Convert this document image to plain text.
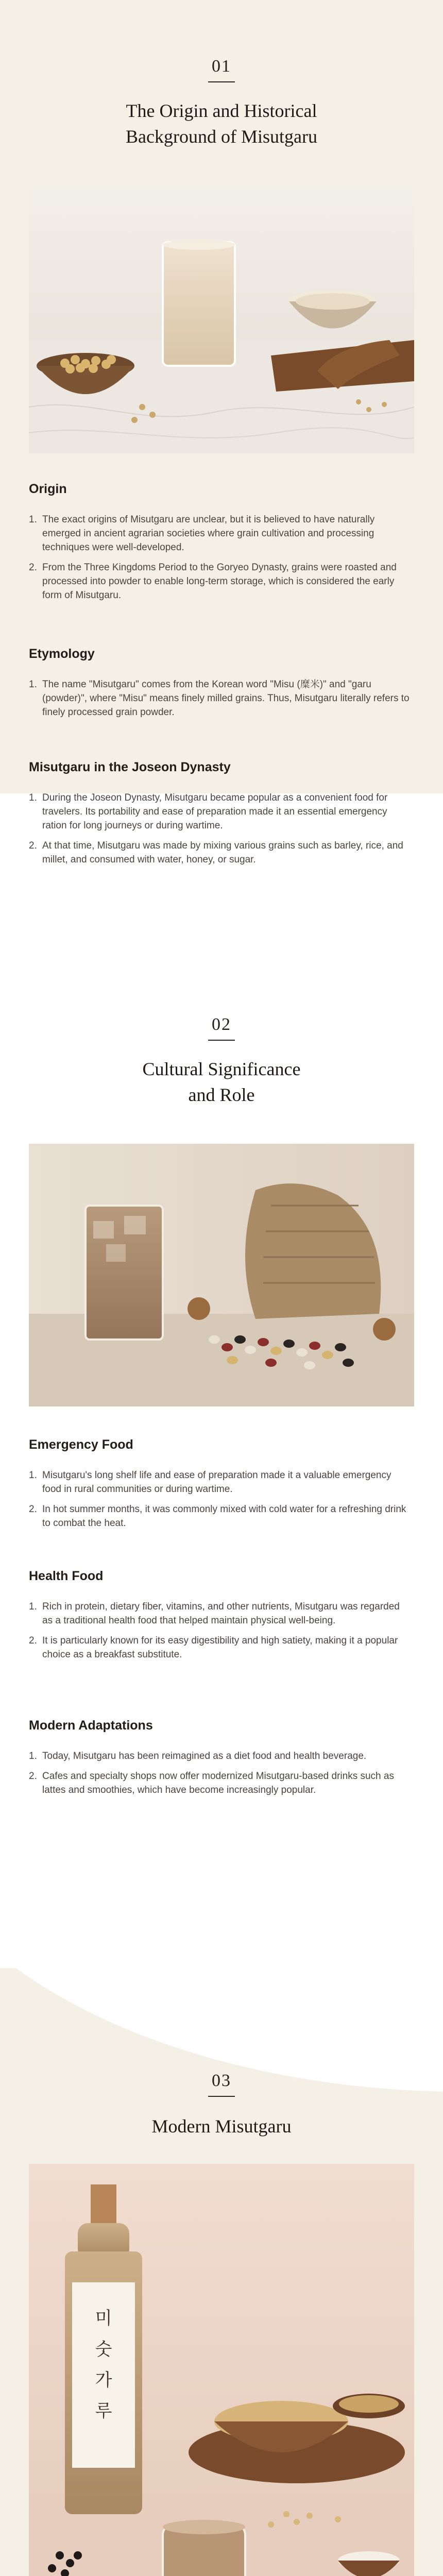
01
The Origin and Historical
Background of Misutgaru
Origin
1. The exact origins of Misutgaru are unclear, but it is believed to have naturally emerged in ancient agrarian societies where grain cultivation and processing techniques were well-developed.
2. From the Three Kingdoms Period to the Goryeo Dynasty, grains were roasted and processed into powder to enable long-term storage, which is considered the early form of Misutgaru.
Etymology
1. The name "Misutgaru" comes from the Korean word "Misu (糜米)" and "garu (powder)", where "Misu" means finely milled grains. Thus, Misutgaru literally refers to finely processed grain powder.
Misutgaru in the Joseon Dynasty
1. During the Joseon Dynasty, Misutgaru became popular as a convenient food for travelers. Its portability and ease of preparation made it an essential emergency ration for long journeys or during wartime.
2. At that time, Misutgaru was made by mixing various grains such as barley, rice, and millet, and consumed with water, honey, or sugar.
02
Cultural Significance
and Role
Emergency Food
1. Misutgaru's long shelf life and ease of preparation made it a valuable emergency food in rural communities or during wartime.
2. In hot summer months, it was commonly mixed with cold water for a refreshing drink to combat the heat.
Health Food
1. Rich in protein, dietary fiber, vitamins, and other nutrients, Misutgaru was regarded as a traditional health food that helped maintain physical well-being.
2. It is particularly known for its easy digestibility and high satiety, making it a popular choice as a breakfast substitute.
Modern Adaptations
1. Today, Misutgaru has been reimagined as a diet food and health beverage.
2. Cafes and specialty shops now offer modernized Misutgaru-based drinks such as lattes and smoothies, which have become increasingly popular.
03
Modern Misutgaru
미숫가루
